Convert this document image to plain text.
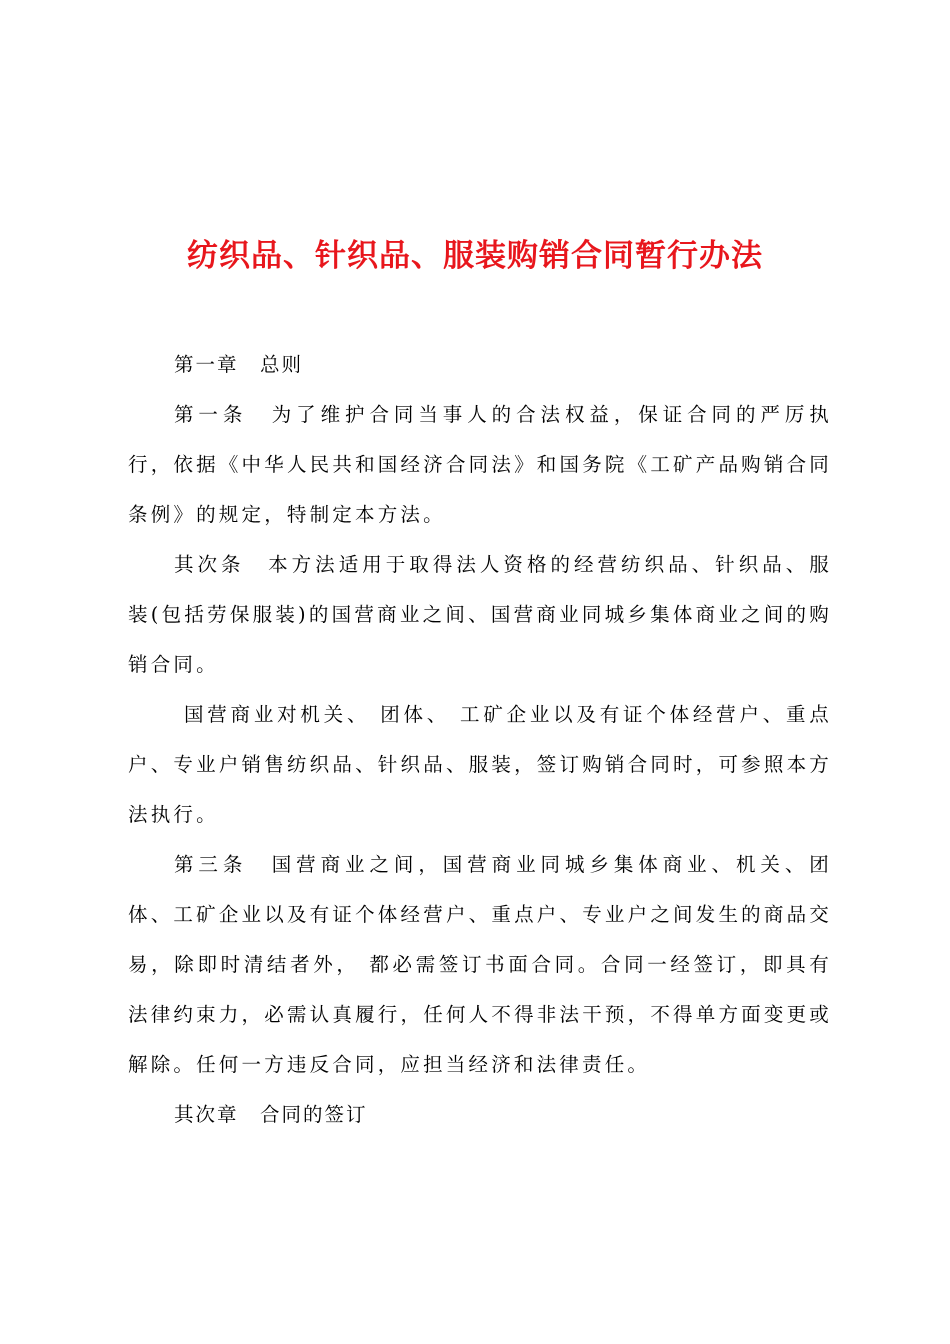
纺织品、针织品、服装购销合同暂行办法

第一章　总则

第一条　为了维护合同当事人的合法权益，保证合同的严厉执行，依据《中华人民共和国经济合同法》和国务院《工矿产品购销合同条例》的规定，特制定本方法。

其次条　本方法适用于取得法人资格的经营纺织品、针织品、服装(包括劳保服装)的国营商业之间、国营商业同城乡集体商业之间的购销合同。

国营商业对机关、 团体、 工矿企业以及有证个体经营户、重点户、专业户销售纺织品、针织品、服装，签订购销合同时，可参照本方法执行。

第三条　国营商业之间，国营商业同城乡集体商业、机关、团体、工矿企业以及有证个体经营户、重点户、专业户之间发生的商品交易，除即时清结者外， 都必需签订书面合同。合同一经签订，即具有法律约束力，必需认真履行，任何人不得非法干预，不得单方面变更或解除。任何一方违反合同，应担当经济和法律责任。

其次章　合同的签订
